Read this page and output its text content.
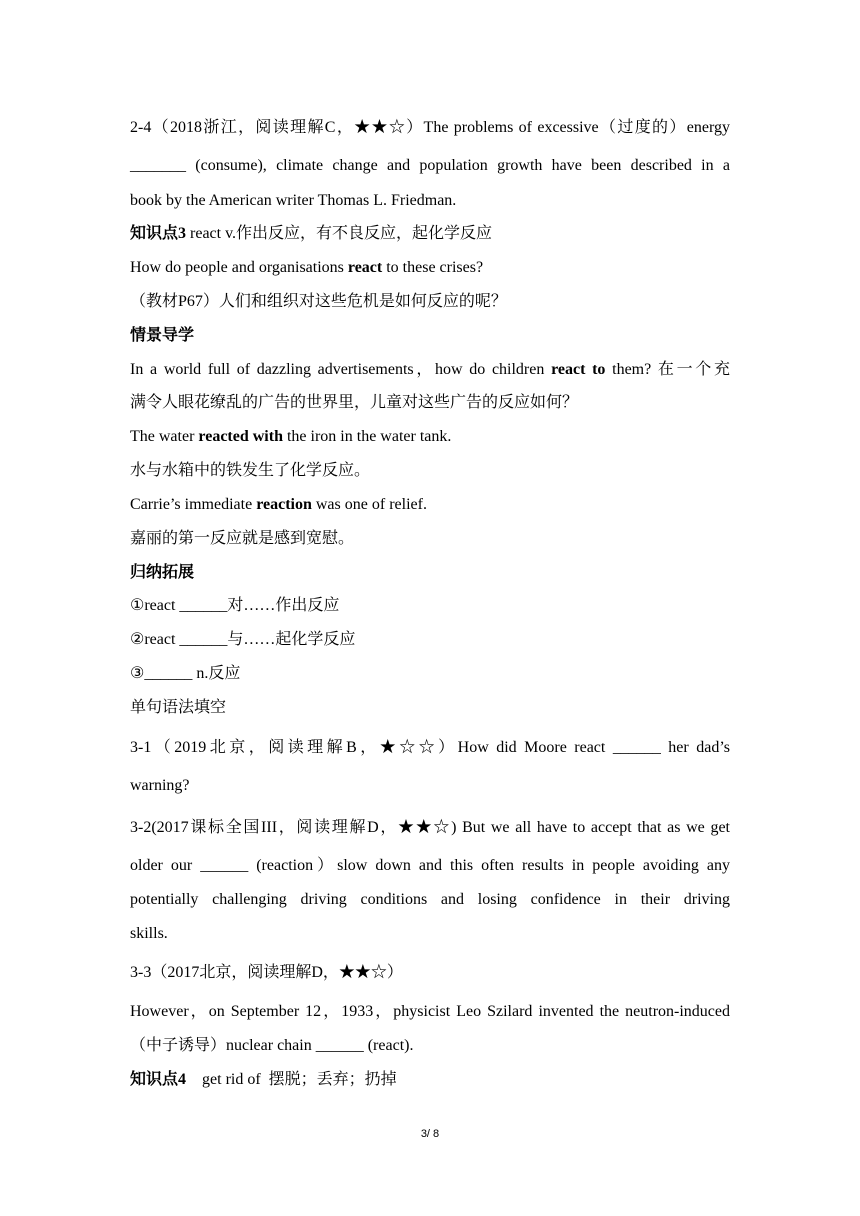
2-4（2018浙江，阅读理解C，★★☆）The problems of excessive（过度的）energy
_______ (consume), climate change and population growth have been described in a
book by the American writer Thomas L. Friedman.
知识点3 react v.作出反应，有不良反应，起化学反应
How do people and organisations react to these crises?
（教材P67）人们和组织对这些危机是如何反应的呢？
情景导学
In a world full of dazzling advertisements，how do children react to them? 在一个充
满令人眼花缭乱的广告的世界里，儿童对这些广告的反应如何？
The water reacted with the iron in the water tank.
水与水箱中的铁发生了化学反应。
Carrie’s immediate reaction was one of relief.
嘉丽的第一反应就是感到宽慰。
归纳拓展
①react ______对……作出反应
②react ______与……起化学反应
③______ n.反应
单句语法填空
3-1（2019北京，阅读理解B，★☆☆）How did Moore react ______ her dad’s
warning?
3-2(2017课标全国III，阅读理解D，★★☆) But we all have to accept that as we get
older our ______ (reaction）slow down and this often results in people avoiding any
potentially challenging driving conditions and losing confidence in their driving
skills.
3-3（2017北京，阅读理解D，★★☆）
However，on September 12，1933，physicist Leo Szilard invented the neutron-induced
（中子诱导）nuclear chain ______ (react).
知识点4    get rid of  摆脱；丢弃；扔掉
3/ 8
